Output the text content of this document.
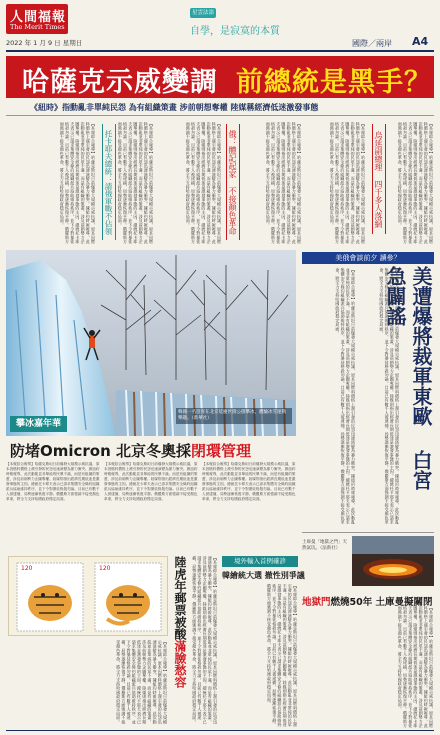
人間福報
The Merit Times
2022 年 1 月 9 日 星期日
星雲法語
自學，是寂寞的本質
國際／兩岸 A4
哈薩克示威變調 前總統是黑手？
《紐時》指動亂非單純民怨 為有組織策畫 涉前朝想奪權 陸媒稱經濟低迷激發事態
【本報綜合報導】哈薩克斯坦日前爆發大規模示威抗議，原本因燃料價格上漲引發的民怨迅速演變為暴力衝突。據紐約時報報導，此次動亂並非單純的民眾不滿，而是有組織的策畫，涉及前朝勢力企圖奪權。陸媒則指出經濟長期低迷是激發事態的主因。總統托卡耶夫表示已請求集體安全條約組織派兵協助維持秩序，並下令對暴徒格殺勿論。目前已有數千人被逮捕，局勢逐漸恢復平靜。俄羅斯方面強調不接受顏色革命，將全力支持哈國政府穩定局面。
烏延副總理 四千多人落網
【本報綜合報導】哈薩克斯坦日前爆發大規模示威抗議，原本因燃料價格上漲引發的民怨迅速演變為暴力衝突。據紐約時報報導，此次動亂並非單純的民眾不滿，而是有組織的策畫，涉及前朝勢力企圖奪權。陸媒則指出經濟長期低迷是激發事態的主因。總統托卡耶夫表示已請求集體安全條約組織派兵協助維持秩序，並下令對暴徒格殺勿論。目前已有數千人被逮捕，局勢逐漸恢復平靜。俄羅斯方面強調不接受顏色革命，將全力支持哈國政府穩定局面。
【本報綜合報導】哈薩克斯坦日前爆發大規模示威抗議，原本因燃料價格上漲引發的民怨迅速演變為暴力衝突。據紐約時報報導，此次動亂並非單純的民眾不滿，而是有組織的策畫，涉及前朝勢力企圖奪權。陸媒則指出經濟長期低迷是激發事態的主因。總統托卡耶夫表示已請求集體安全條約組織派兵協助維持秩序，並下令對暴徒格殺勿論。目前已有數千人被逮捕，局勢逐漸恢復平靜。俄羅斯方面強調不接受顏色革命，將全力支持哈國政府穩定局面。
俄：體記起家 不接顏色革命
【本報綜合報導】哈薩克斯坦日前爆發大規模示威抗議，原本因燃料價格上漲引發的民怨迅速演變為暴力衝突。據紐約時報報導，此次動亂並非單純的民眾不滿，而是有組織的策畫，涉及前朝勢力企圖奪權。陸媒則指出經濟長期低迷是激發事態的主因。總統托卡耶夫表示已請求集體安全條約組織派兵協助維持秩序，並下令對暴徒格殺勿論。目前已有數千人被逮捕，局勢逐漸恢復平靜。俄羅斯方面強調不接受顏色革命，將全力支持哈國政府穩定局面。
【本報綜合報導】哈薩克斯坦日前爆發大規模示威抗議，原本因燃料價格上漲引發的民怨迅速演變為暴力衝突。據紐約時報報導，此次動亂並非單純的民眾不滿，而是有組織的策畫，涉及前朝勢力企圖奪權。陸媒則指出經濟長期低迷是激發事態的主因。總統托卡耶夫表示已請求集體安全條約組織派兵協助維持秩序，並下令對暴徒格殺勿論。目前已有數千人被逮捕，局勢逐漸恢復平靜。俄羅斯方面強調不接受顏色革命，將全力支持哈國政府穩定局面。
托卡耶夫總統：請俄軍戰不佔領
【本報綜合報導】哈薩克斯坦日前爆發大規模示威抗議，原本因燃料價格上漲引發的民怨迅速演變為暴力衝突。據紐約時報報導，此次動亂並非單純的民眾不滿，而是有組織的策畫，涉及前朝勢力企圖奪權。陸媒則指出經濟長期低迷是激發事態的主因。總統托卡耶夫表示已請求集體安全條約組織派兵協助維持秩序，並下令對暴徒格殺勿論。目前已有數千人被逮捕，局勢逐漸恢復平靜。俄羅斯方面強調不接受顏色革命，將全力支持哈國政府穩定局面。
攀冰嘉年華
韓國一名遊客在北京延慶世園公園攀冰，體驗冰雪運動樂趣。（新華社）
美俄會談前夕 讀參？
美遭爆將裁軍東歐 白宮急闢謠
【本報綜合報導】哈薩克斯坦日前爆發大規模示威抗議，原本因燃料價格上漲引發的民怨迅速演變為暴力衝突。據紐約時報報導，此次動亂並非單純的民眾不滿，而是有組織的策畫，涉及前朝勢力企圖奪權。陸媒則指出經濟長期低迷是激發事態的主因。總統托卡耶夫表示已請求集體安全條約組織派兵協助維持秩序，並下令對暴徒格殺勿論。目前已有數千人被逮捕，局勢逐漸恢復平靜。俄羅斯方面強調不接受顏色革命，將全力支持哈國政府穩定局面。
【本報綜合報導】哈薩克斯坦日前爆發大規模示威抗議，原本因燃料價格上漲引發的民怨迅速演變為暴力衝突。據紐約時報報導，此次動亂並非單純的民眾不滿，而是有組織的策畫，涉及前朝勢力企圖奪權。陸媒則指出經濟長期低迷是激發事態的主因。總統托卡耶夫表示已請求集體安全條約組織派兵協助維持秩序，並下令對暴徒格殺勿論。目前已有數千人被逮捕，局勢逐漸恢復平靜。俄羅斯方面強調不接受顏色革命，將全力支持哈國政府穩定局面。
土庫曼「地獄之門」天然氣坑。（法新社）
防堵Omicron 北京冬奧採閉環管理
【本報綜合報導】哈薩克斯坦日前爆發大規模示威抗議，原本因燃料價格上漲引發的民怨迅速演變為暴力衝突。據紐約時報報導，此次動亂並非單純的民眾不滿，而是有組織的策畫，涉及前朝勢力企圖奪權。陸媒則指出經濟長期低迷是激發事態的主因。總統托卡耶夫表示已請求集體安全條約組織派兵協助維持秩序，並下令對暴徒格殺勿論。目前已有數千人被逮捕，局勢逐漸恢復平靜。俄羅斯方面強調不接受顏色革命，將全力支持哈國政府穩定局面。
【本報綜合報導】哈薩克斯坦日前爆發大規模示威抗議，原本因燃料價格上漲引發的民怨迅速演變為暴力衝突。據紐約時報報導，此次動亂並非單純的民眾不滿，而是有組織的策畫，涉及前朝勢力企圖奪權。陸媒則指出經濟長期低迷是激發事態的主因。總統托卡耶夫表示已請求集體安全條約組織派兵協助維持秩序，並下令對暴徒格殺勿論。目前已有數千人被逮捕，局勢逐漸恢復平靜。俄羅斯方面強調不接受顏色革命，將全力支持哈國政府穩定局面。
【本報綜合報導】哈薩克斯坦日前爆發大規模示威抗議，原本因燃料價格上漲引發的民怨迅速演變為暴力衝突。據紐約時報報導，此次動亂並非單純的民眾不滿，而是有組織的策畫，涉及前朝勢力企圖奪權。陸媒則指出經濟長期低迷是激發事態的主因。總統托卡耶夫表示已請求集體安全條約組織派兵協助維持秩序，並下令對暴徒格殺勿論。目前已有數千人被逮捕，局勢逐漸恢復平靜。俄羅斯方面強調不接受顏色革命，將全力支持哈國政府穩定局面。
120	120	陸虎年郵票被酸滿臉愁容
【本報綜合報導】哈薩克斯坦日前爆發大規模示威抗議，原本因燃料價格上漲引發的民怨迅速演變為暴力衝突。據紐約時報報導，此次動亂並非單純的民眾不滿，而是有組織的策畫，涉及前朝勢力企圖奪權。陸媒則指出經濟長期低迷是激發事態的主因。總統托卡耶夫表示已請求集體安全條約組織派兵協助維持秩序，並下令對暴徒格殺勿論。目前已有數千人被逮捕，局勢逐漸恢復平靜。俄羅斯方面強調不接受顏色革命，將全力支持哈國政府穩定局面。	【本報綜合報導】哈薩克斯坦日前爆發大規模示威抗議，原本因燃料價格上漲引發的民怨迅速演變為暴力衝突。據紐約時報報導，此次動亂並非單純的民眾不滿，而是有組織的策畫，涉及前朝勢力企圖奪權。陸媒則指出經濟長期低迷是激發事態的主因。總統托卡耶夫表示已請求集體安全條約組織派兵協助維持秩序，並下令對暴徒格殺勿論。目前已有數千人被逮捕，局勢逐漸恢復平靜。俄羅斯方面強調不接受顏色革命，將全力支持哈國政府穩定局面。	境外輸入首例確診
韓繪統大選 撤性別爭議
【本報綜合報導】哈薩克斯坦日前爆發大規模示威抗議，原本因燃料價格上漲引發的民怨迅速演變為暴力衝突。據紐約時報報導，此次動亂並非單純的民眾不滿，而是有組織的策畫，涉及前朝勢力企圖奪權。陸媒則指出經濟長期低迷是激發事態的主因。總統托卡耶夫表示已請求集體安全條約組織派兵協助維持秩序，並下令對暴徒格殺勿論。目前已有數千人被逮捕，局勢逐漸恢復平靜。俄羅斯方面強調不接受顏色革命，將全力支持哈國政府穩定局面。	地獄門燃燒50年 土庫曼擬關閉
【本報綜合報導】哈薩克斯坦日前爆發大規模示威抗議，原本因燃料價格上漲引發的民怨迅速演變為暴力衝突。據紐約時報報導，此次動亂並非單純的民眾不滿，而是有組織的策畫，涉及前朝勢力企圖奪權。陸媒則指出經濟長期低迷是激發事態的主因。總統托卡耶夫表示已請求集體安全條約組織派兵協助維持秩序，並下令對暴徒格殺勿論。目前已有數千人被逮捕，局勢逐漸恢復平靜。俄羅斯方面強調不接受顏色革命，將全力支持哈國政府穩定局面。
